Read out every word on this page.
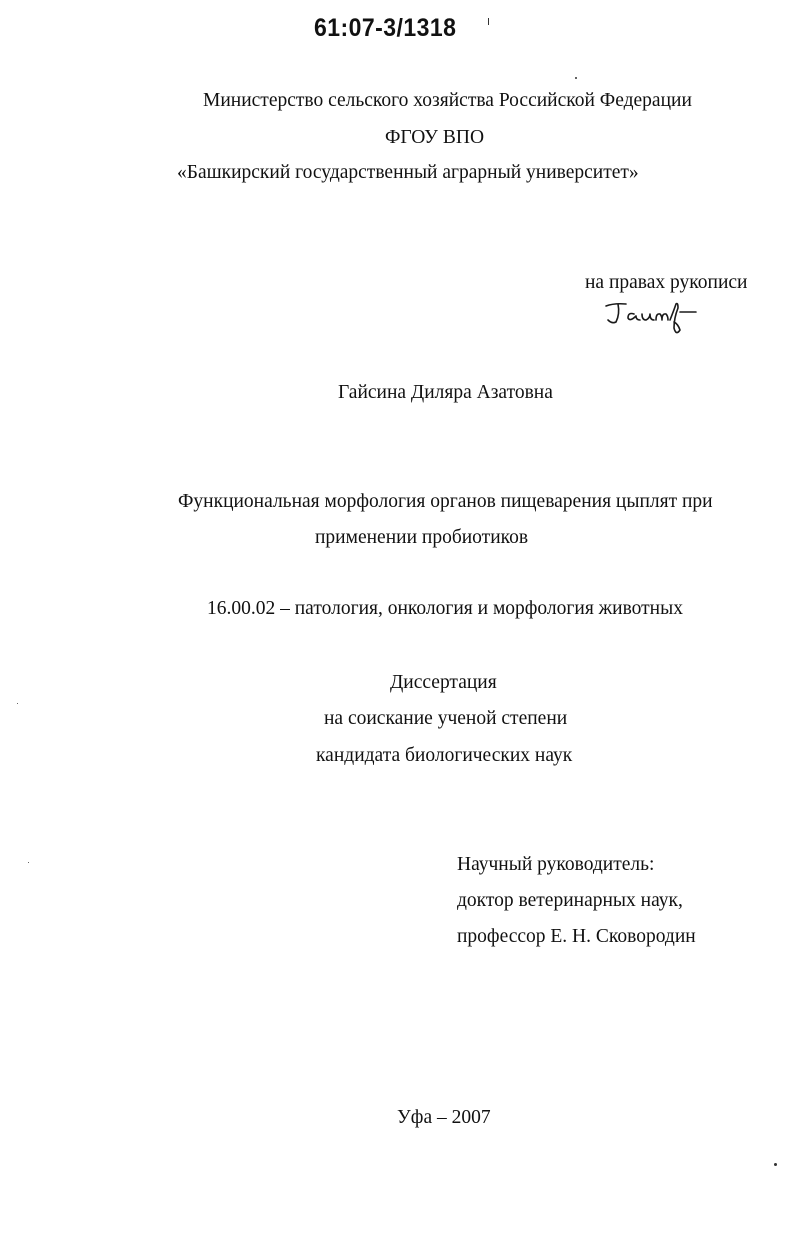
61:07-3/1318
Министерство сельского хозяйства Российской Федерации
ФГОУ ВПО
«Башкирский государственный аграрный университет»
на правах рукописи
Гайсина Диляра Азатовна
Функциональная морфология органов пищеварения цыплят при
применении пробиотиков
16.00.02 – патология, онкология и морфология животных
Диссертация
на соискание ученой степени
кандидата биологических наук
Научный руководитель:
доктор ветеринарных наук,
профессор Е. Н. Сковородин
Уфа – 2007
